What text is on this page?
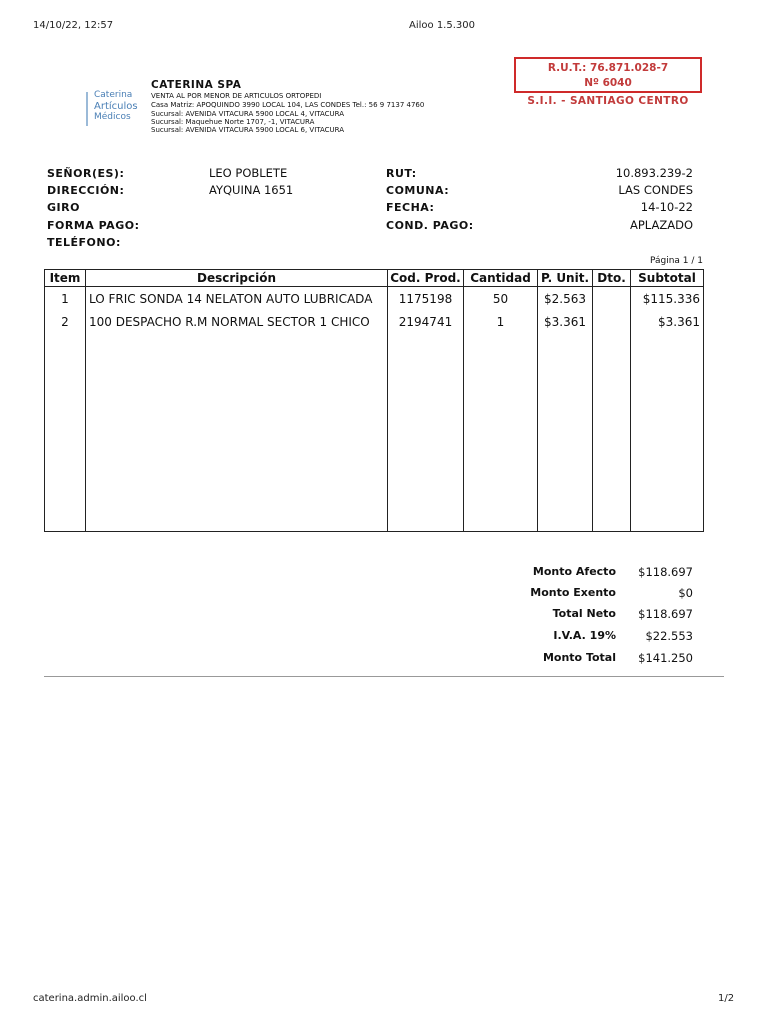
14/10/22, 12:57	Ailoo 1.5.300
Caterina
Artículos
Médicos
CATERINA SPA
VENTA AL POR MENOR DE ARTICULOS ORTOPEDI
Casa Matriz: APOQUINDO 3990 LOCAL 104, LAS CONDES Tel.: 56 9 7137 4760
Sucursal: AVENIDA VITACURA 5900 LOCAL 4, VITACURA
Sucursal: Maquehue Norte 1707, -1, VITACURA
Sucursal: AVENIDA VITACURA 5900 LOCAL 6, VITACURA
R.U.T.: 76.871.028-7
Nº 6040
S.I.I. - SANTIAGO CENTRO
SEÑOR(ES):	LEO POBLETE
DIRECCIÓN:	AYQUINA 1651
GIRO
FORMA PAGO:
TELÉFONO:
RUT:	10.893.239-2
COMUNA:	LAS CONDES
FECHA:	14-10-22
COND. PAGO:	APLAZADO
Página 1 / 1
Item	Descripción	Cod. Prod.	Cantidad	P. Unit.	Dto.	Subtotal
1	LO FRIC SONDA 14 NELATON AUTO LUBRICADA	1175198	50	$2.563		$115.336
2	100 DESPACHO R.M NORMAL SECTOR 1 CHICO	2194741	1	$3.361		$3.361

Monto Afecto	$118.697
Monto Exento	$0
Total Neto	$118.697
I.V.A. 19%	$22.553
Monto Total	$141.250
caterina.admin.ailoo.cl	1/2
